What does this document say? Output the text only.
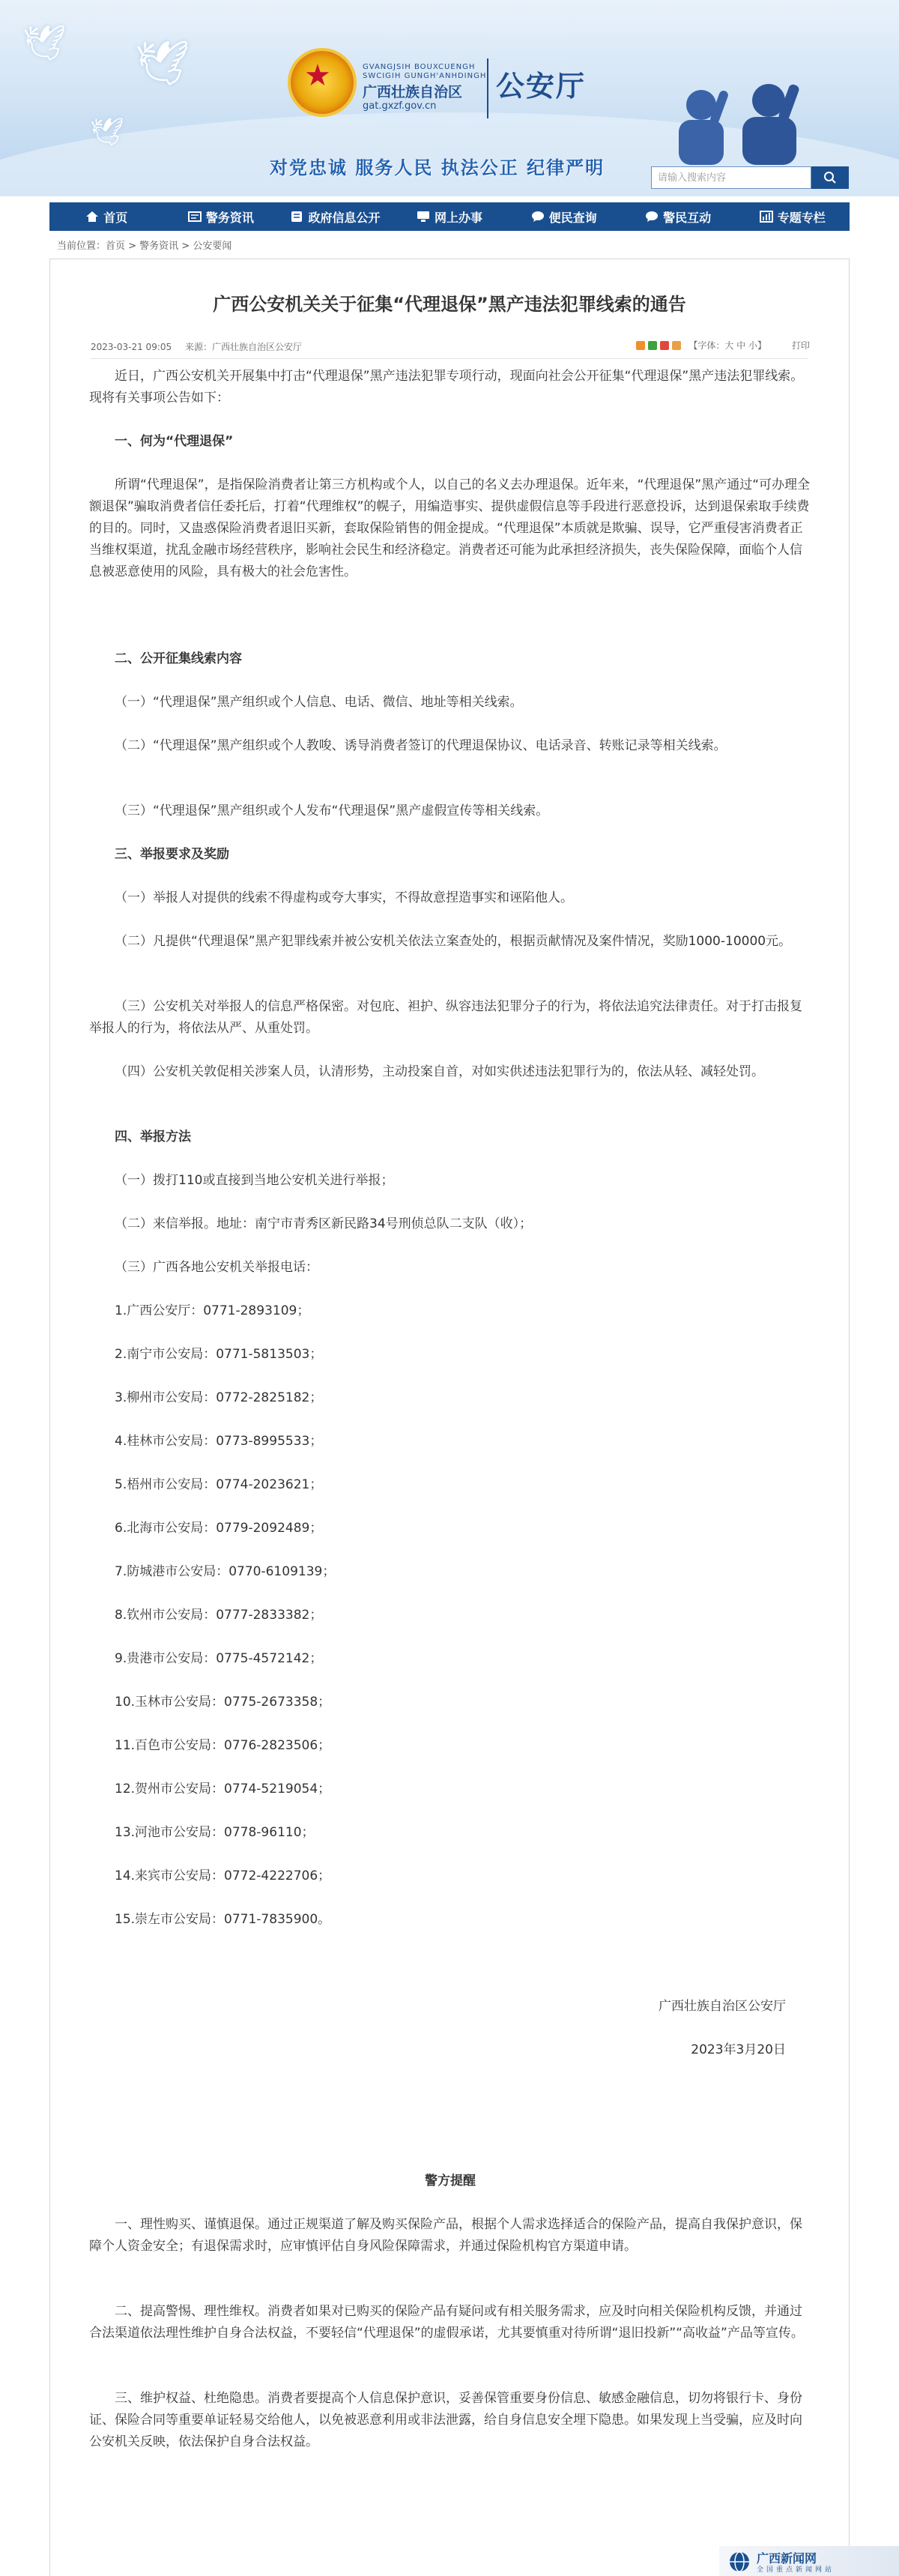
🕊 🕊
🕊
★	GVANGJSIH BOUXCUENGH SWCIGIH GUNGH'ANHDINGH
广西壮族自治区
gat.gxzf.gov.cn
公安厅
对党忠诚 服务人民 执法公正 纪律严明	请输入搜索内容
首页	警务资讯	政府信息公开	网上办事	便民查询	警民互动	专题专栏
当前位置：首页 > 警务资讯 > 公安要闻
广西公安机关关于征集“代理退保”黑产违法犯罪线索的通告
2023-03-21 09:05 来源：广西壮族自治区公安厅	【字体：大 中 小】	打印

近日，广西公安机关开展集中打击“代理退保”黑产违法犯罪专项行动，现面向社会公开征集“代理退保”黑产违法犯罪线索。现将有关事项公告如下：

一、何为“代理退保”

所谓“代理退保”，是指保险消费者让第三方机构或个人，以自己的名义去办理退保。近年来，“代理退保”黑产通过“可办理全额退保”骗取消费者信任委托后，打着“代理维权”的幌子，用编造事实、提供虚假信息等手段进行恶意投诉，达到退保索取手续费的目的。同时，又蛊惑保险消费者退旧买新，套取保险销售的佣金提成。“代理退保”本质就是欺骗、误导，它严重侵害消费者正当维权渠道，扰乱金融市场经营秩序，影响社会民生和经济稳定。消费者还可能为此承担经济损失，丧失保险保障，面临个人信息被恶意使用的风险，具有极大的社会危害性。

二、公开征集线索内容

（一）“代理退保”黑产组织或个人信息、电话、微信、地址等相关线索。

（二）“代理退保”黑产组织或个人教唆、诱导消费者签订的代理退保协议、电话录音、转账记录等相关线索。

（三）“代理退保”黑产组织或个人发布“代理退保”黑产虚假宣传等相关线索。

三、举报要求及奖励

（一）举报人对提供的线索不得虚构或夸大事实，不得故意捏造事实和诬陷他人。

（二）凡提供“代理退保”黑产犯罪线索并被公安机关依法立案查处的，根据贡献情况及案件情况，奖励1000-10000元。

（三）公安机关对举报人的信息严格保密。对包庇、袒护、纵容违法犯罪分子的行为，将依法追究法律责任。对于打击报复举报人的行为，将依法从严、从重处罚。

（四）公安机关敦促相关涉案人员，认清形势，主动投案自首，对如实供述违法犯罪行为的，依法从轻、减轻处罚。

四、举报方法

（一）拨打110或直接到当地公安机关进行举报；

（二）来信举报。地址：南宁市青秀区新民路34号刑侦总队二支队（收）；

（三）广西各地公安机关举报电话：

1.广西公安厅：0771-2893109；

2.南宁市公安局：0771-5813503；

3.柳州市公安局：0772-2825182；

4.桂林市公安局：0773-8995533；

5.梧州市公安局：0774-2023621；

6.北海市公安局：0779-2092489；

7.防城港市公安局：0770-6109139；

8.钦州市公安局：0777-2833382；

9.贵港市公安局：0775-4572142；

10.玉林市公安局：0775-2673358；

11.百色市公安局：0776-2823506；

12.贺州市公安局：0774-5219054；

13.河池市公安局：0778-96110；

14.来宾市公安局：0772-4222706；

15.崇左市公安局：0771-7835900。

广西壮族自治区公安厅

2023年3月20日

警方提醒

一、理性购买、谨慎退保。通过正规渠道了解及购买保险产品，根据个人需求选择适合的保险产品，提高自我保护意识，保障个人资金安全；有退保需求时，应审慎评估自身风险保障需求，并通过保险机构官方渠道申请。

二、提高警惕、理性维权。消费者如果对已购买的保险产品有疑问或有相关服务需求，应及时向相关保险机构反馈，并通过合法渠道依法理性维护自身合法权益，不要轻信“代理退保”的虚假承诺，尤其要慎重对待所谓“退旧投新”“高收益”产品等宣传。

三、维护权益、杜绝隐患。消费者要提高个人信息保护意识，妥善保管重要身份信息、敏感金融信息，切勿将银行卡、身份证、保险合同等重要单证轻易交给他人，以免被恶意利用或非法泄露，给自身信息安全埋下隐患。如果发现上当受骗，应及时向公安机关反映，依法保护自身合法权益。

广西新闻网
全国重点新闻网站
